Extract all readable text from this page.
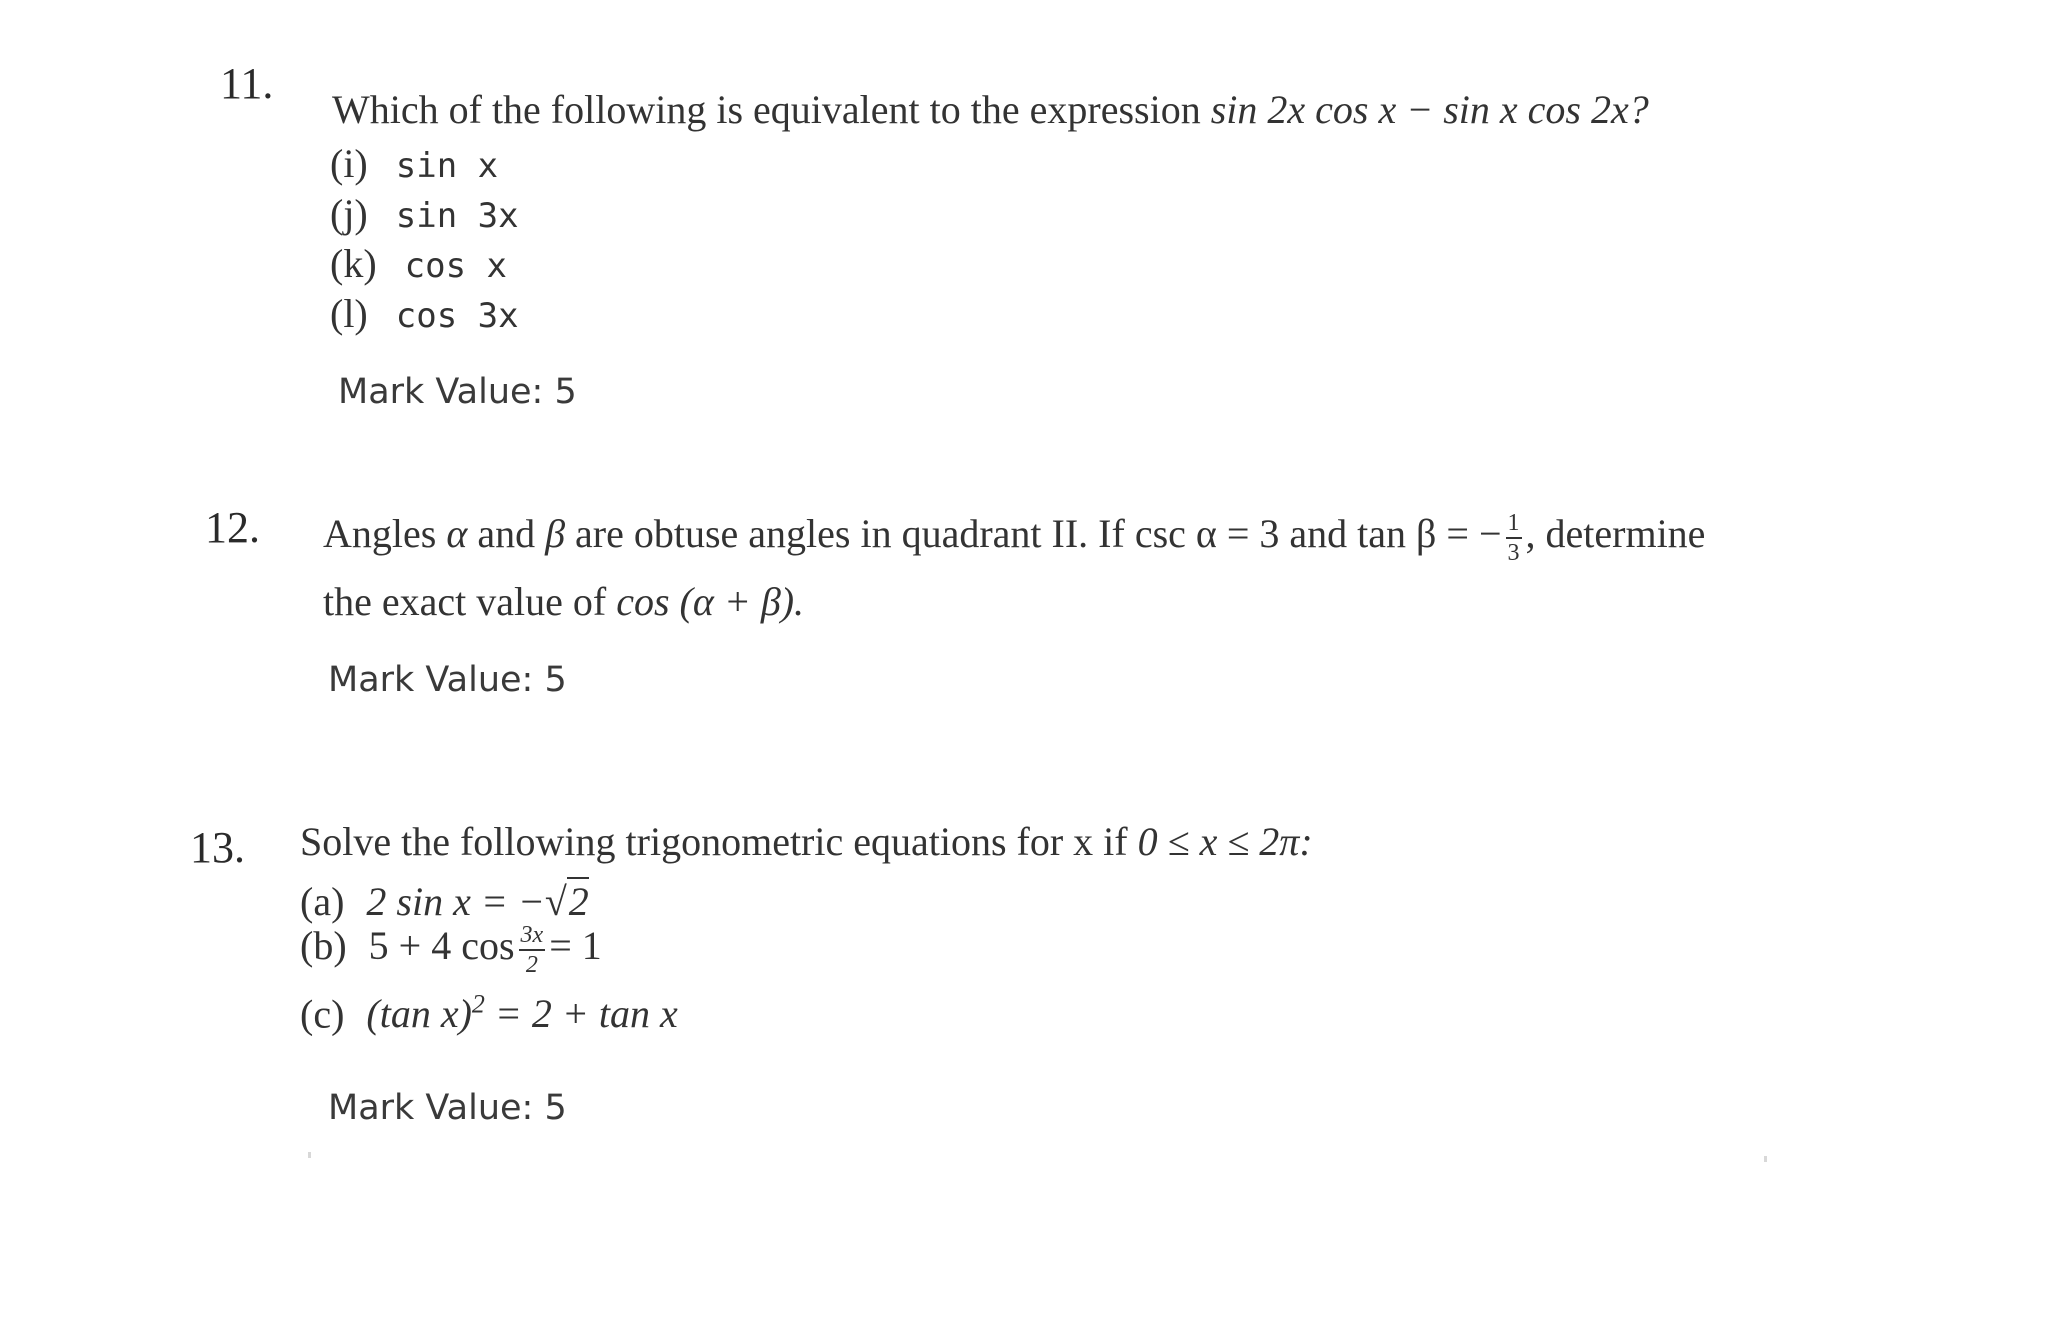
11.
Which of the following is equivalent to the expression sin 2x cos x − sin x cos 2x?
(i) sin x
(j) sin 3x
(k) cos x
(l) cos 3x
Mark Value: 5
12. Angles α and β are obtuse angles in quadrant II. If csc α = 3 and tan β = − $\frac{1}{3}$ , determine
the exact value of cos (α + β).
Mark Value: 5
13. Solve the following trigonometric equations for x if 0 ≤ x ≤ 2π:
(a) 2 sin x = −√2
(b) 5 + 4 $\cos \frac{3x}{2} = 1$
(c) (tan x)$^2$ = 2 + tan x
Mark Value: 5
